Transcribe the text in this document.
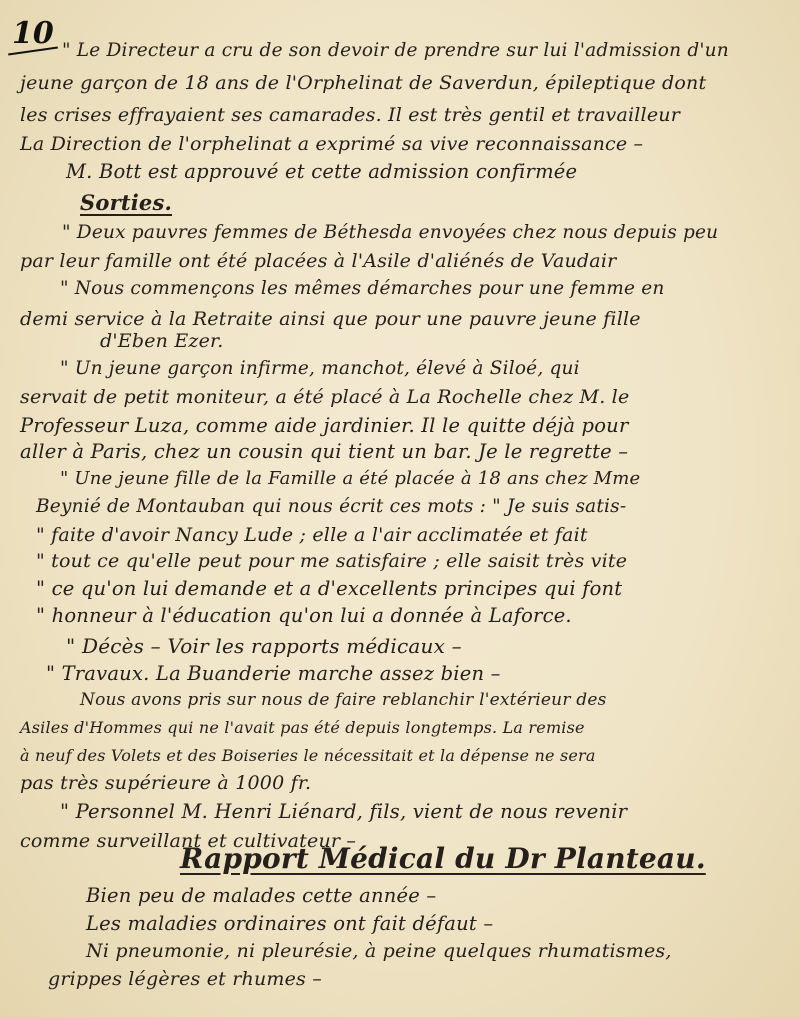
10 " Le Directeur a cru de son devoir de prendre sur lui l'admission d'un
jeune garçon de 18 ans de l'Orphelinat de Saverdun, épileptique dont
les crises effrayaient ses camarades. Il est très gentil et travailleur
La Direction de l'orphelinat a exprimé sa vive reconnaissance –
M. Bott est approuvé et cette admission confirmée
Sorties.
" Deux pauvres femmes de Béthesda envoyées chez nous depuis peu
par leur famille ont été placées à l'Asile d'aliénés de Vaudair
" Nous commençons les mêmes démarches pour une femme en
demi service à la Retraite ainsi que pour une pauvre jeune fille
d'Eben Ezer.
" Un jeune garçon infirme, manchot, élevé à Siloé, qui
servait de petit moniteur, a été placé à La Rochelle chez M. le
Professeur Luza, comme aide jardinier. Il le quitte déjà pour
aller à Paris, chez un cousin qui tient un bar. Je le regrette –
" Une jeune fille de la Famille a été placée à 18 ans chez Mme
Beynié de Montauban qui nous écrit ces mots : " Je suis satis-
" faite d'avoir Nancy Lude ; elle a l'air acclimatée et fait
" tout ce qu'elle peut pour me satisfaire ; elle saisit très vite
" ce qu'on lui demande et a d'excellents principes qui font
" honneur à l'éducation qu'on lui a donnée à Laforce.
" Décès – Voir les rapports médicaux –
" Travaux. La Buanderie marche assez bien –
Nous avons pris sur nous de faire reblanchir l'extérieur des
Asiles d'Hommes qui ne l'avait pas été depuis longtemps. La remise
à neuf des Volets et des Boiseries le nécessitait et la dépense ne sera
pas très supérieure à 1000 fr.
" Personnel M. Henri Liénard, fils, vient de nous revenir
comme surveillant et cultivateur –
Rapport Médical du Dr Planteau.
Bien peu de malades cette année –
Les maladies ordinaires ont fait défaut –
Ni pneumonie, ni pleurésie, à peine quelques rhumatismes,
grippes légères et rhumes –
